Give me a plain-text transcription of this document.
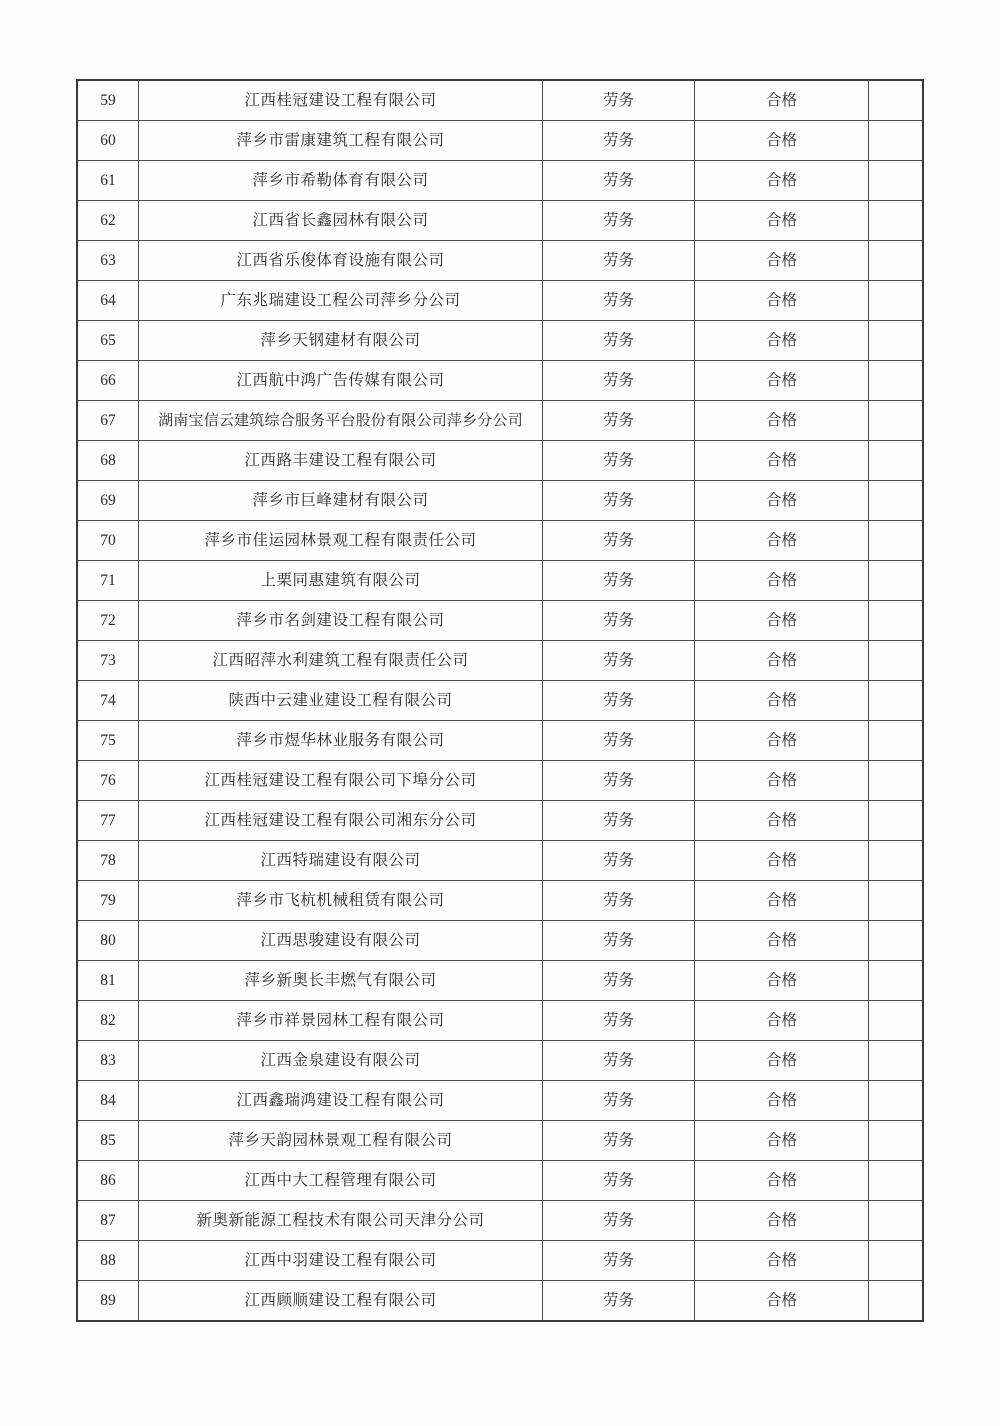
59	江西桂冠建设工程有限公司	劳务	合格	
60	萍乡市雷康建筑工程有限公司	劳务	合格	
61	萍乡市希勒体育有限公司	劳务	合格	
62	江西省长鑫园林有限公司	劳务	合格	
63	江西省乐俊体育设施有限公司	劳务	合格	
64	广东兆瑞建设工程公司萍乡分公司	劳务	合格	
65	萍乡天钢建材有限公司	劳务	合格	
66	江西航中鸿广告传媒有限公司	劳务	合格	
67	湖南宝信云建筑综合服务平台股份有限公司萍乡分公司	劳务	合格	
68	江西路丰建设工程有限公司	劳务	合格	
69	萍乡市巨峰建材有限公司	劳务	合格	
70	萍乡市佳运园林景观工程有限责任公司	劳务	合格	
71	上栗同惠建筑有限公司	劳务	合格	
72	萍乡市名剑建设工程有限公司	劳务	合格	
73	江西昭萍水利建筑工程有限责任公司	劳务	合格	
74	陕西中云建业建设工程有限公司	劳务	合格	
75	萍乡市煜华林业服务有限公司	劳务	合格	
76	江西桂冠建设工程有限公司下埠分公司	劳务	合格	
77	江西桂冠建设工程有限公司湘东分公司	劳务	合格	
78	江西特瑞建设有限公司	劳务	合格	
79	萍乡市飞杭机械租赁有限公司	劳务	合格	
80	江西思骏建设有限公司	劳务	合格	
81	萍乡新奥长丰燃气有限公司	劳务	合格	
82	萍乡市祥景园林工程有限公司	劳务	合格	
83	江西金泉建设有限公司	劳务	合格	
84	江西鑫瑞鸿建设工程有限公司	劳务	合格	
85	萍乡天韵园林景观工程有限公司	劳务	合格	
86	江西中大工程管理有限公司	劳务	合格	
87	新奥新能源工程技术有限公司天津分公司	劳务	合格	
88	江西中羽建设工程有限公司	劳务	合格	
89	江西顾顺建设工程有限公司	劳务	合格	
